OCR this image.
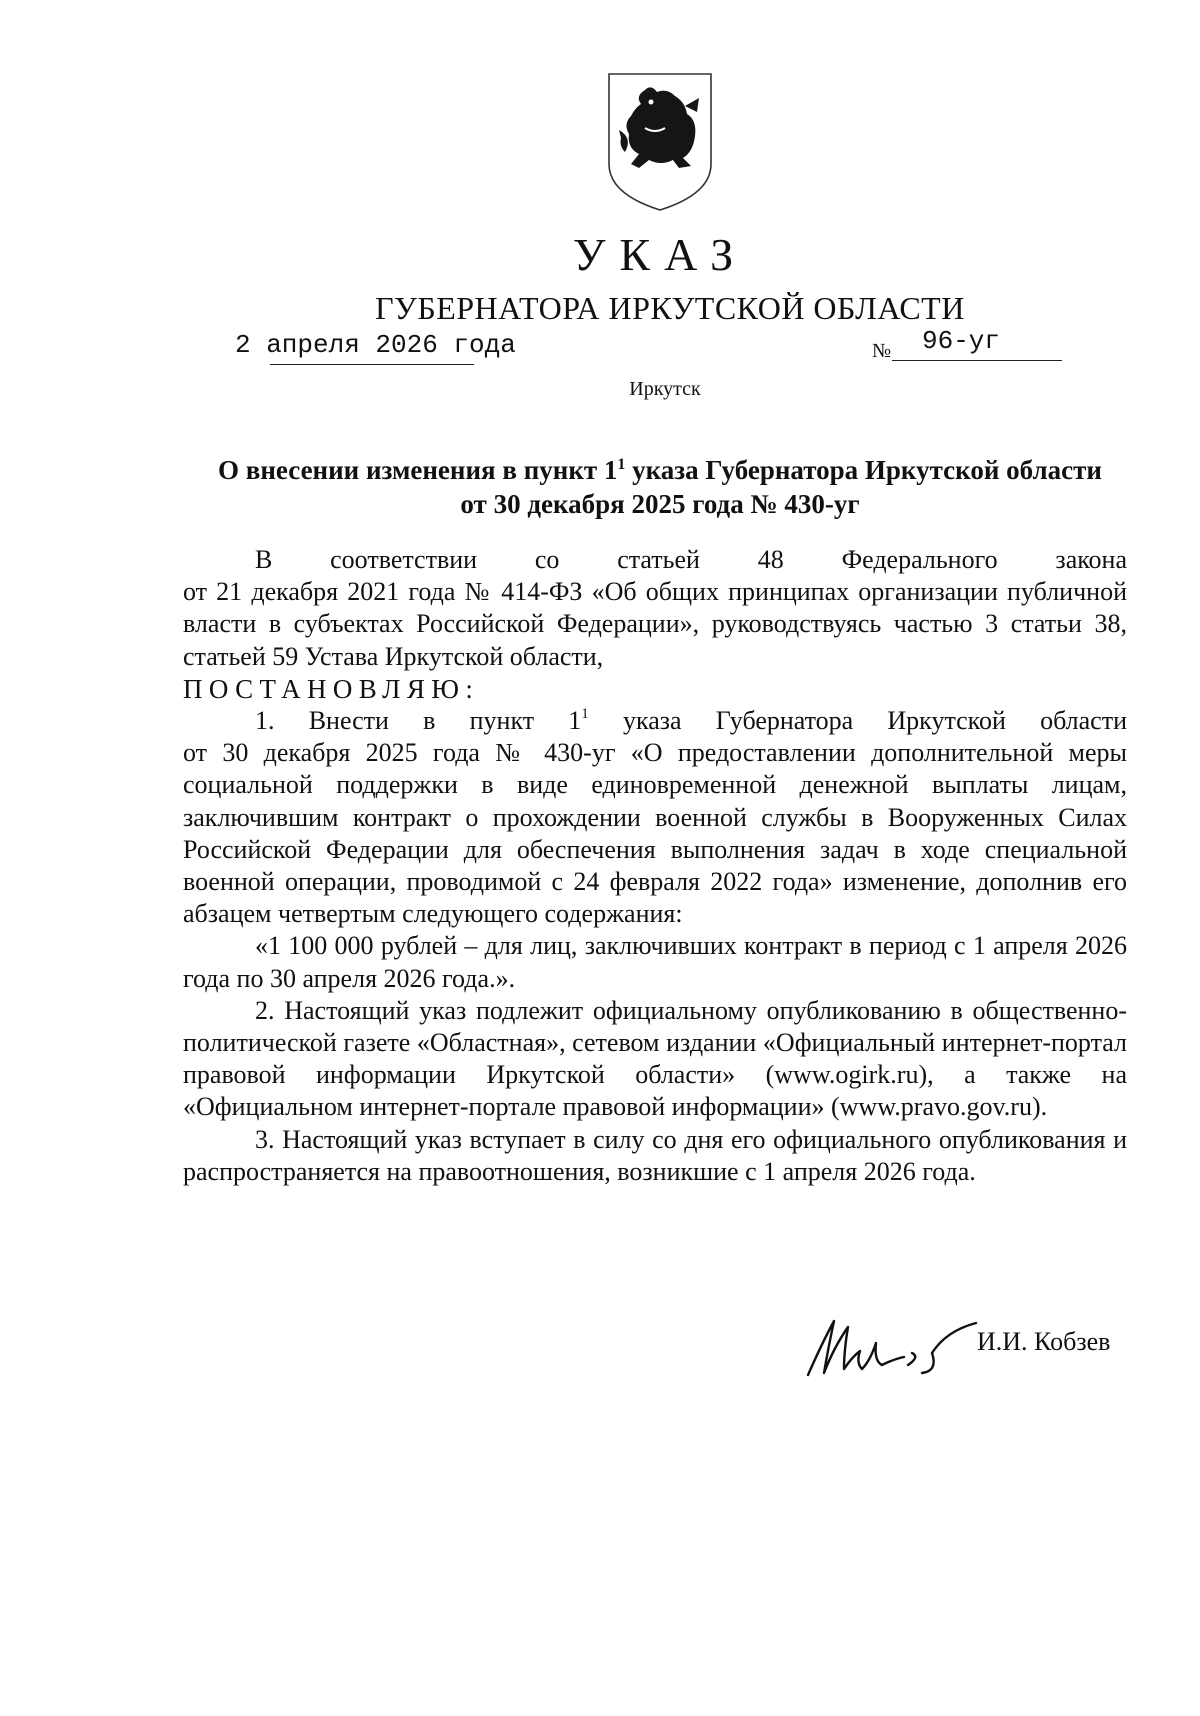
УКАЗ
ГУБЕРНАТОРА ИРКУТСКОЙ ОБЛАСТИ
2 апреля 2026 года	№ 96-уг
Иркутск
О внесении изменения в пункт $1^1$ указа Губернатора Иркутской области
от 30 декабря 2025 года № 430-уг

В соответствии со статьей 48 Федерального закона

от 21 декабря 2021 года № 414-ФЗ «Об общих принципах организации публичной власти в субъектах Российской Федерации», руководствуясь частью 3 статьи 38, статьей 59 Устава Иркутской области,

ПОСТАНОВЛЯЮ:

1. Внести в пункт $1^1$ указа Губернатора Иркутской области

от 30 декабря 2025 года № 430-уг «О предоставлении дополнительной меры социальной поддержки в виде единовременной денежной выплаты лицам, заключившим контракт о прохождении военной службы в Вооруженных Силах Российской Федерации для обеспечения выполнения задач в ходе специальной военной операции, проводимой с 24 февраля 2022 года» изменение, дополнив его абзацем четвертым следующего содержания:

«1 100 000 рублей – для лиц, заключивших контракт в период с 1 апреля 2026 года по 30 апреля 2026 года.».

2. Настоящий указ подлежит официальному опубликованию в общественно-политической газете «Областная», сетевом издании «Официальный интернет-портал правовой информации Иркутской области» (www.ogirk.ru), а также на «Официальном интернет-портале правовой информации» (www.pravo.gov.ru).

3. Настоящий указ вступает в силу со дня его официального опубликования и распространяется на правоотношения, возникшие с 1 апреля 2026 года.

И.И. Кобзев
